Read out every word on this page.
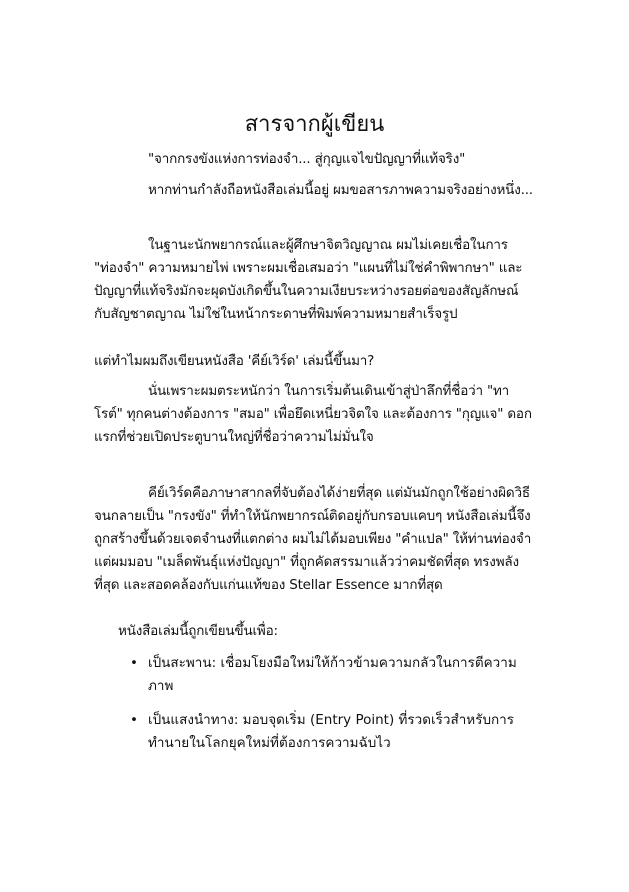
สารจากผู้เขียน

"จากกรงขังแห่งการท่องจำ... สู่กุญแจไขปัญญาที่แท้จริง"

หากท่านกำลังถือหนังสือเล่มนี้อยู่ ผมขอสารภาพความจริงอย่างหนึ่ง...

ในฐานะนักพยากรณ์และผู้ศึกษาจิตวิญญาณ ผมไม่เคยเชื่อในการ "ท่องจำ" ความหมายไพ่ เพราะผมเชื่อเสมอว่า "แผนที่ไม่ใช่คำพิพากษา" และปัญญาที่แท้จริงมักจะผุดบังเกิดขึ้นในความเงียบระหว่างรอยต่อของสัญลักษณ์กับสัญชาตญาณ ไม่ใช่ในหน้ากระดาษที่พิมพ์ความหมายสำเร็จรูป

แต่ทำไมผมถึงเขียนหนังสือ 'คีย์เวิร์ด' เล่มนี้ขึ้นมา?

นั่นเพราะผมตระหนักว่า ในการเริ่มต้นเดินเข้าสู่ป่าลึกที่ชื่อว่า "ทาโรต์" ทุกคนต่างต้องการ "สมอ" เพื่อยึดเหนี่ยวจิตใจ และต้องการ "กุญแจ" ดอกแรกที่ช่วยเปิดประตูบานใหญ่ที่ชื่อว่าความไม่มั่นใจ

คีย์เวิร์ดคือภาษาสากลที่จับต้องได้ง่ายที่สุด แต่มันมักถูกใช้อย่างผิดวิธีจนกลายเป็น "กรงขัง" ที่ทำให้นักพยากรณ์ติดอยู่กับกรอบแคบๆ หนังสือเล่มนี้จึงถูกสร้างขึ้นด้วยเจตจำนงที่แตกต่าง ผมไม่ได้มอบเพียง "คำแปล" ให้ท่านท่องจำ แต่ผมมอบ "เมล็ดพันธุ์แห่งปัญญา" ที่ถูกคัดสรรมาแล้วว่าคมชัดที่สุด ทรงพลังที่สุด และสอดคล้องกับแก่นแท้ของ Stellar Essence มากที่สุด

หนังสือเล่มนี้ถูกเขียนขึ้นเพื่อ:

• เป็นสะพาน: เชื่อมโยงมือใหม่ให้ก้าวข้ามความกลัวในการตีความภาพ
• เป็นแสงนำทาง: มอบจุดเริ่ม (Entry Point) ที่รวดเร็วสำหรับการทำนายในโลกยุคใหม่ที่ต้องการความฉับไว
